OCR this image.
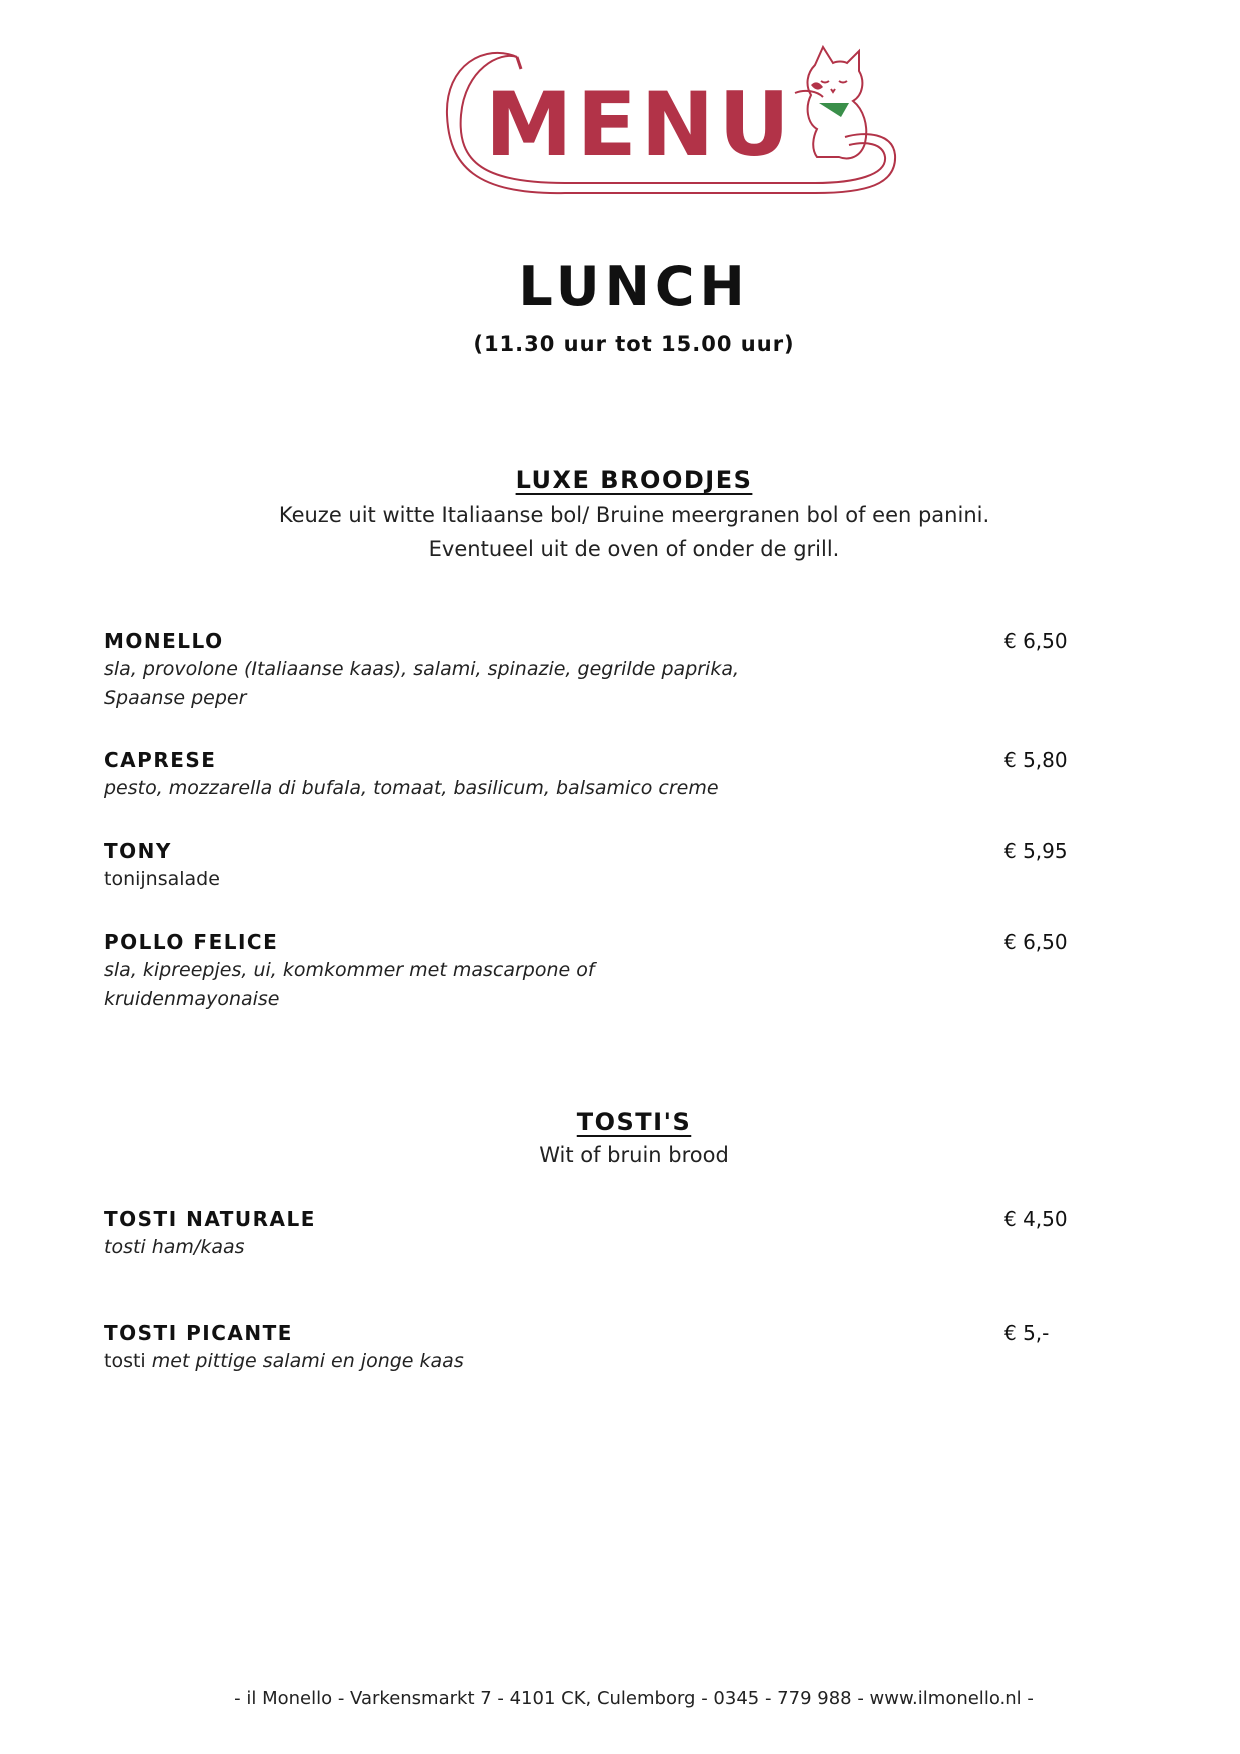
MENU
LUNCH
(11.30 uur tot 15.00 uur)
LUXE BROODJES
Keuze uit witte Italiaanse bol/ Bruine meergranen bol of een panini.
Eventueel uit de oven of onder de grill.
MONELLO
sla, provolone (Italiaanse kaas), salami, spinazie, gegrilde paprika,
Spaanse peper
€ 6,50
CAPRESE
pesto, mozzarella di bufala, tomaat, basilicum, balsamico creme
€ 5,80
TONY
tonijnsalade
€ 5,95
POLLO FELICE
sla, kipreepjes, ui, komkommer met mascarpone of
kruidenmayonaise
€ 6,50
TOSTI'S
Wit of bruin brood
TOSTI NATURALE
tosti ham/kaas
€ 4,50
TOSTI PICANTE
tosti met pittige salami en jonge kaas
€ 5,-
- il Monello - Varkensmarkt 7 - 4101 CK, Culemborg - 0345 - 779 988 - www.ilmonello.nl -
